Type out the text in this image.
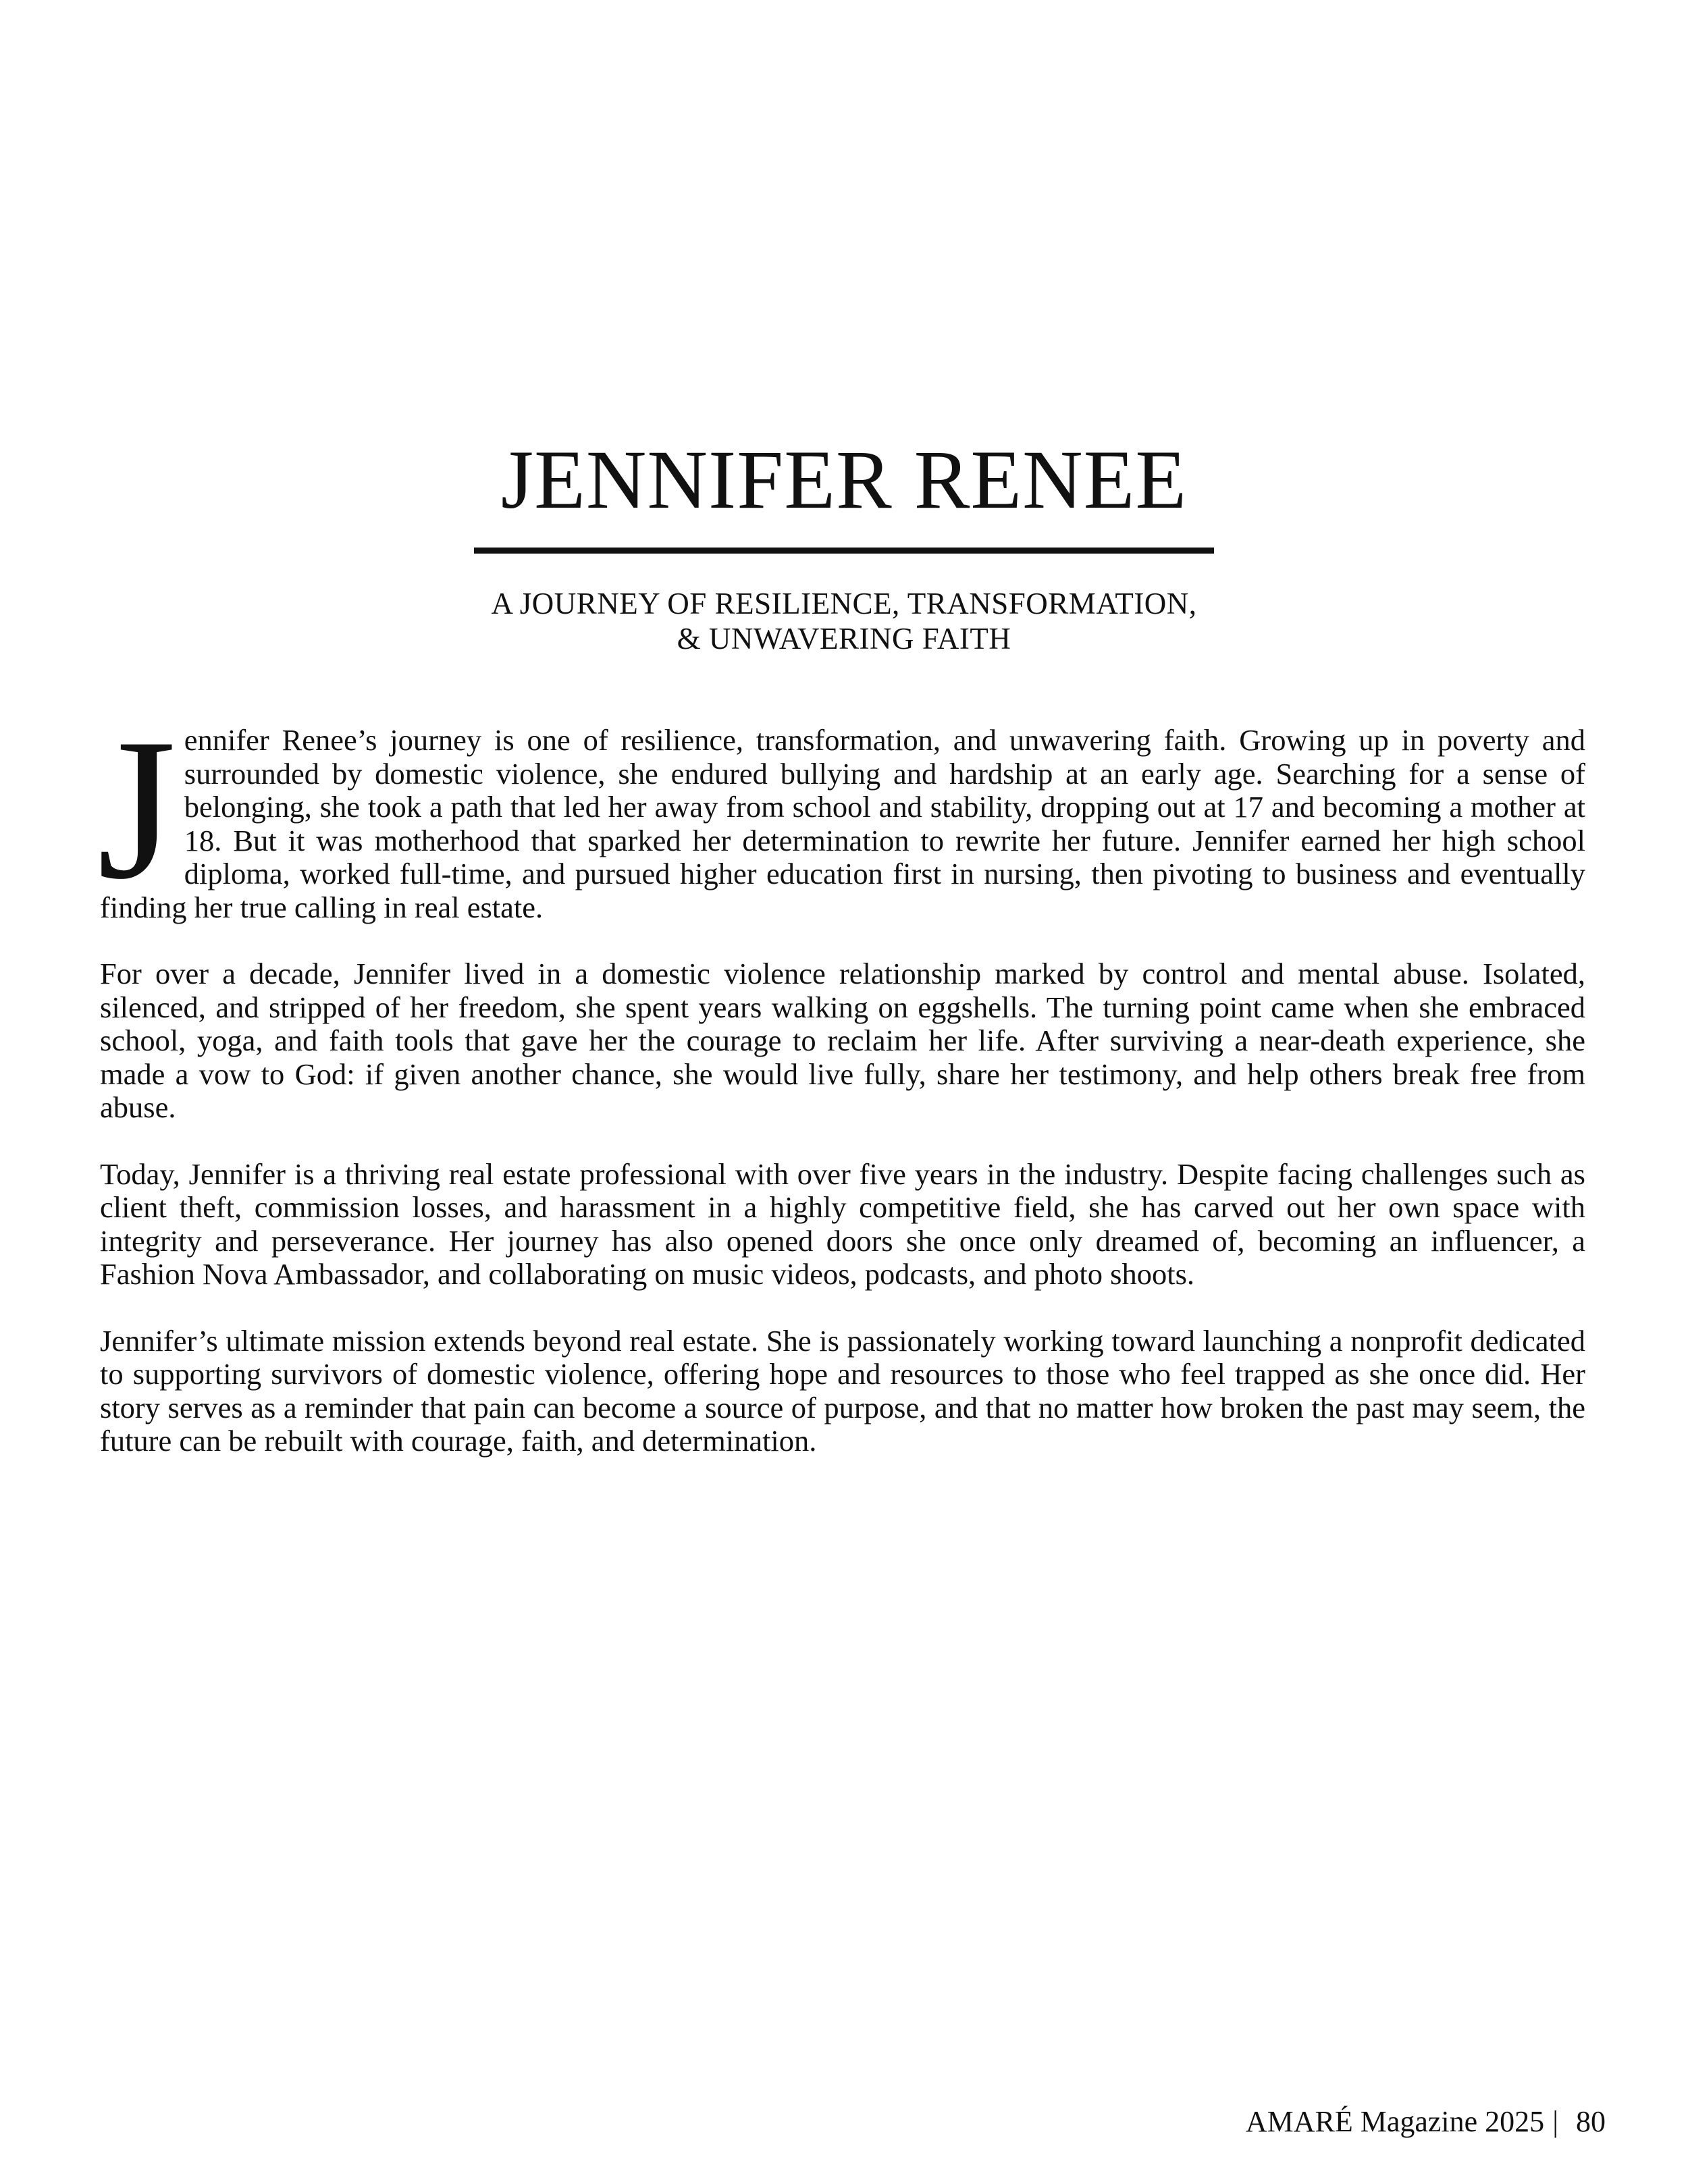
JENNIFER RENEE
A JOURNEY OF RESILIENCE, TRANSFORMATION,
& UNWAVERING FAITH

Jennifer Renee’s journey is one of resilience, transformation, and unwavering faith. Growing up in poverty and surrounded by domestic violence, she endured bullying and hardship at an early age. Searching for a sense of belonging, she took a path that led her away from school and stability, dropping out at 17 and becoming a mother at 18. But it was motherhood that sparked her determination to rewrite her future. Jennifer earned her high school diploma, worked full-time, and pursued higher education first in nursing, then pivoting to business and eventually finding her true calling in real estate.

For over a decade, Jennifer lived in a domestic violence relationship marked by control and mental abuse. Isolated, silenced, and stripped of her freedom, she spent years walking on eggshells. The turning point came when she embraced school, yoga, and faith tools that gave her the courage to reclaim her life. After surviving a near-death experience, she made a vow to God: if given another chance, she would live fully, share her testimony, and help others break free from abuse.

Today, Jennifer is a thriving real estate professional with over five years in the industry. Despite facing challenges such as client theft, commission losses, and harassment in a highly competitive field, she has carved out her own space with integrity and perseverance. Her journey has also opened doors she once only dreamed of, becoming an influencer, a Fashion Nova Ambassador, and collaborating on music videos, podcasts, and photo shoots.

Jennifer’s ultimate mission extends beyond real estate. She is passionately working toward launching a nonprofit dedicated to supporting survivors of domestic violence, offering hope and resources to those who feel trapped as she once did. Her story serves as a reminder that pain can become a source of purpose, and that no matter how broken the past may seem, the future can be rebuilt with courage, faith, and determination.

AMARÉ Magazine 2025 | 80
